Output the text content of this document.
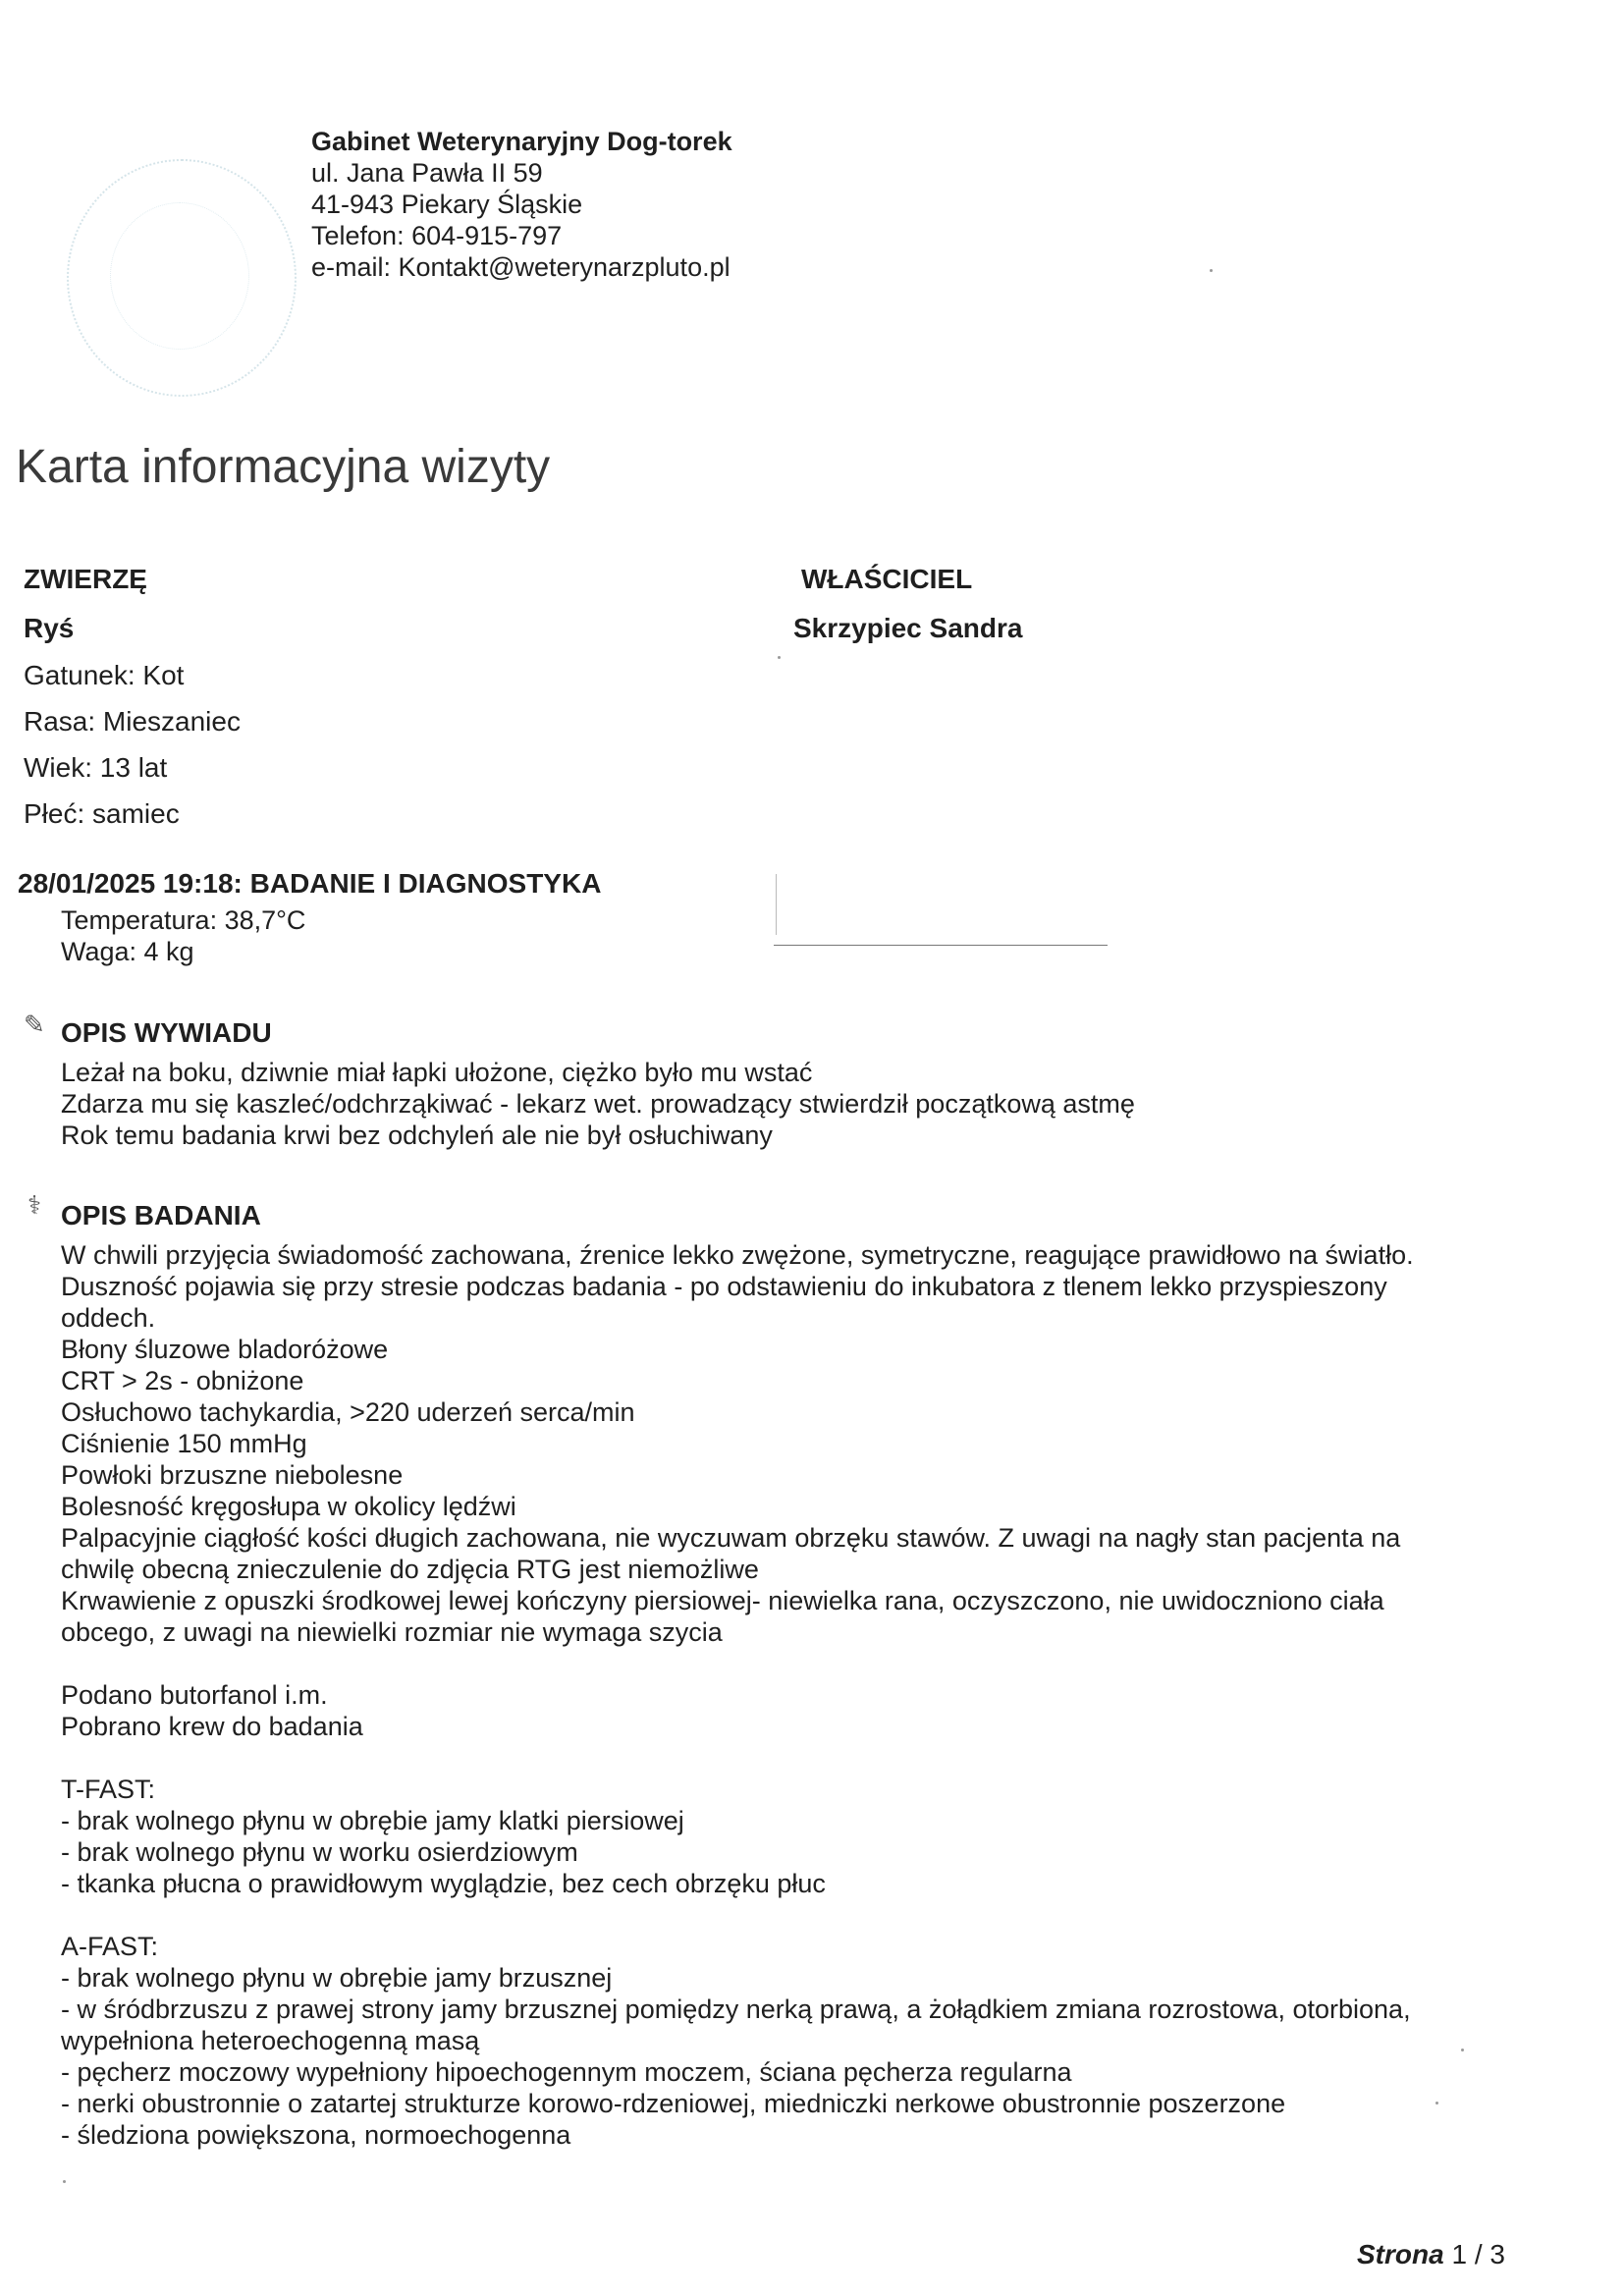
Gabinet Weterynaryjny Dog-torek
ul. Jana Pawła II 59
41-943 Piekary Śląskie
Telefon: 604-915-797
e-mail: Kontakt@weterynarzpluto.pl
Karta informacyjna wizyty
ZWIERZĘ
Ryś
Gatunek: Kot
Rasa: Mieszaniec
Wiek: 13 lat
Płeć: samiec
WŁAŚCICIEL
Skrzypiec Sandra
28/01/2025 19:18: BADANIE I DIAGNOSTYKA
Temperatura: 38,7°C
Waga: 4 kg
✎ OPIS WYWIADU
Leżał na boku, dziwnie miał łapki ułożone, ciężko było mu wstać
Zdarza mu się kaszleć/odchrząkiwać - lekarz wet. prowadzący stwierdził początkową astmę
Rok temu badania krwi bez odchyleń ale nie był osłuchiwany
⚕ OPIS BADANIA
W chwili przyjęcia świadomość zachowana, źrenice lekko zwężone, symetryczne, reagujące prawidłowo na światło.
Duszność pojawia się przy stresie podczas badania - po odstawieniu do inkubatora z tlenem lekko przyspieszony
oddech.
Błony śluzowe bladoróżowe
CRT > 2s - obniżone
Osłuchowo tachykardia, >220 uderzeń serca/min
Ciśnienie 150 mmHg
Powłoki brzuszne niebolesne
Bolesność kręgosłupa w okolicy lędźwi
Palpacyjnie ciągłość kości długich zachowana, nie wyczuwam obrzęku stawów. Z uwagi na nagły stan pacjenta na
chwilę obecną znieczulenie do zdjęcia RTG jest niemożliwe
Krwawienie z opuszki środkowej lewej kończyny piersiowej- niewielka rana, oczyszczono, nie uwidoczniono ciała
obcego, z uwagi na niewielki rozmiar nie wymaga szycia
Podano butorfanol i.m.
Pobrano krew do badania
T-FAST:
- brak wolnego płynu w obrębie jamy klatki piersiowej
- brak wolnego płynu w worku osierdziowym
- tkanka płucna o prawidłowym wyglądzie, bez cech obrzęku płuc
A-FAST:
- brak wolnego płynu w obrębie jamy brzusznej
- w śródbrzuszu z prawej strony jamy brzusznej pomiędzy nerką prawą, a żołądkiem zmiana rozrostowa, otorbiona,
wypełniona heteroechogenną masą
- pęcherz moczowy wypełniony hipoechogennym moczem, ściana pęcherza regularna
- nerki obustronnie o zatartej strukturze korowo-rdzeniowej, miedniczki nerkowe obustronnie poszerzone
- śledziona powiększona, normoechogenna
Strona 1 / 3
